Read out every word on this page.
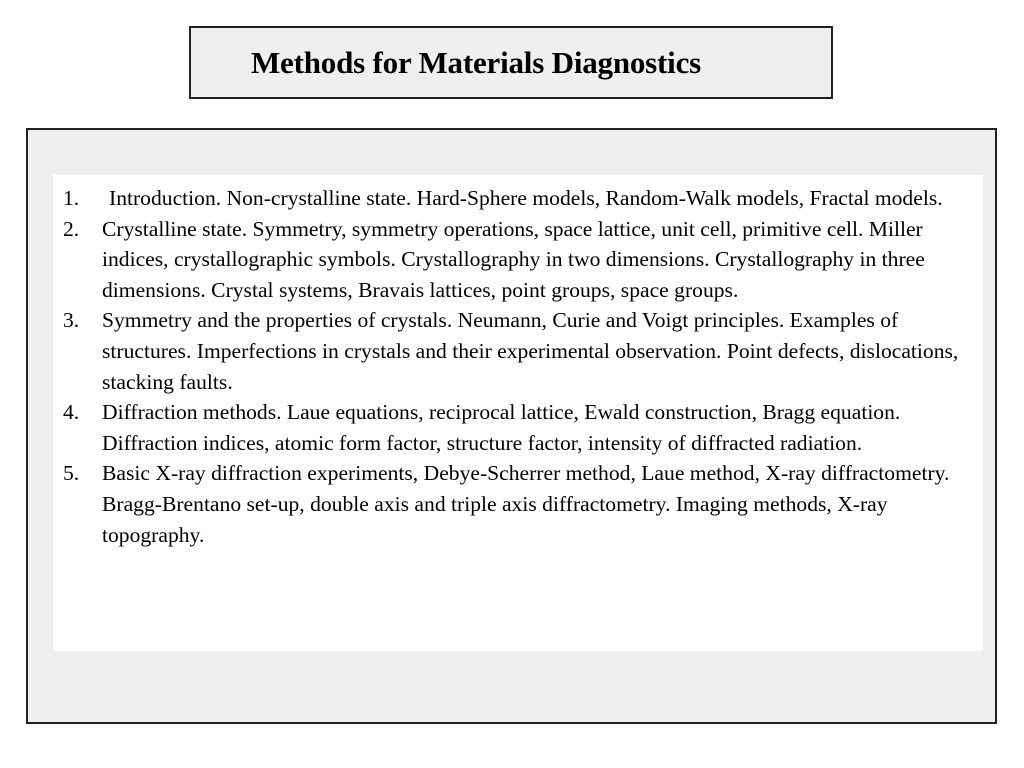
Methods for Materials Diagnostics
1.	Introduction. Non-crystalline state. Hard-Sphere models, Random-Walk models, Fractal models.
2. Crystalline state. Symmetry, symmetry operations, space lattice, unit cell, primitive cell. Miller indices, crystallographic symbols. Crystallography in two dimensions. Crystallography in three dimensions. Crystal systems, Bravais lattices, point groups, space groups.
3. Symmetry and the properties of crystals. Neumann, Curie and Voigt principles. Examples of structures. Imperfections in crystals and their experimental observation. Point defects, dislocations, stacking faults.
4. Diffraction methods. Laue equations, reciprocal lattice, Ewald construction, Bragg equation. Diffraction indices, atomic form factor, structure factor, intensity of diffracted radiation.
5. Basic X-ray diffraction experiments, Debye-Scherrer method, Laue method, X-ray diffractometry. Bragg-Brentano set-up, double axis and triple axis diffractometry. Imaging methods, X-ray topography.
